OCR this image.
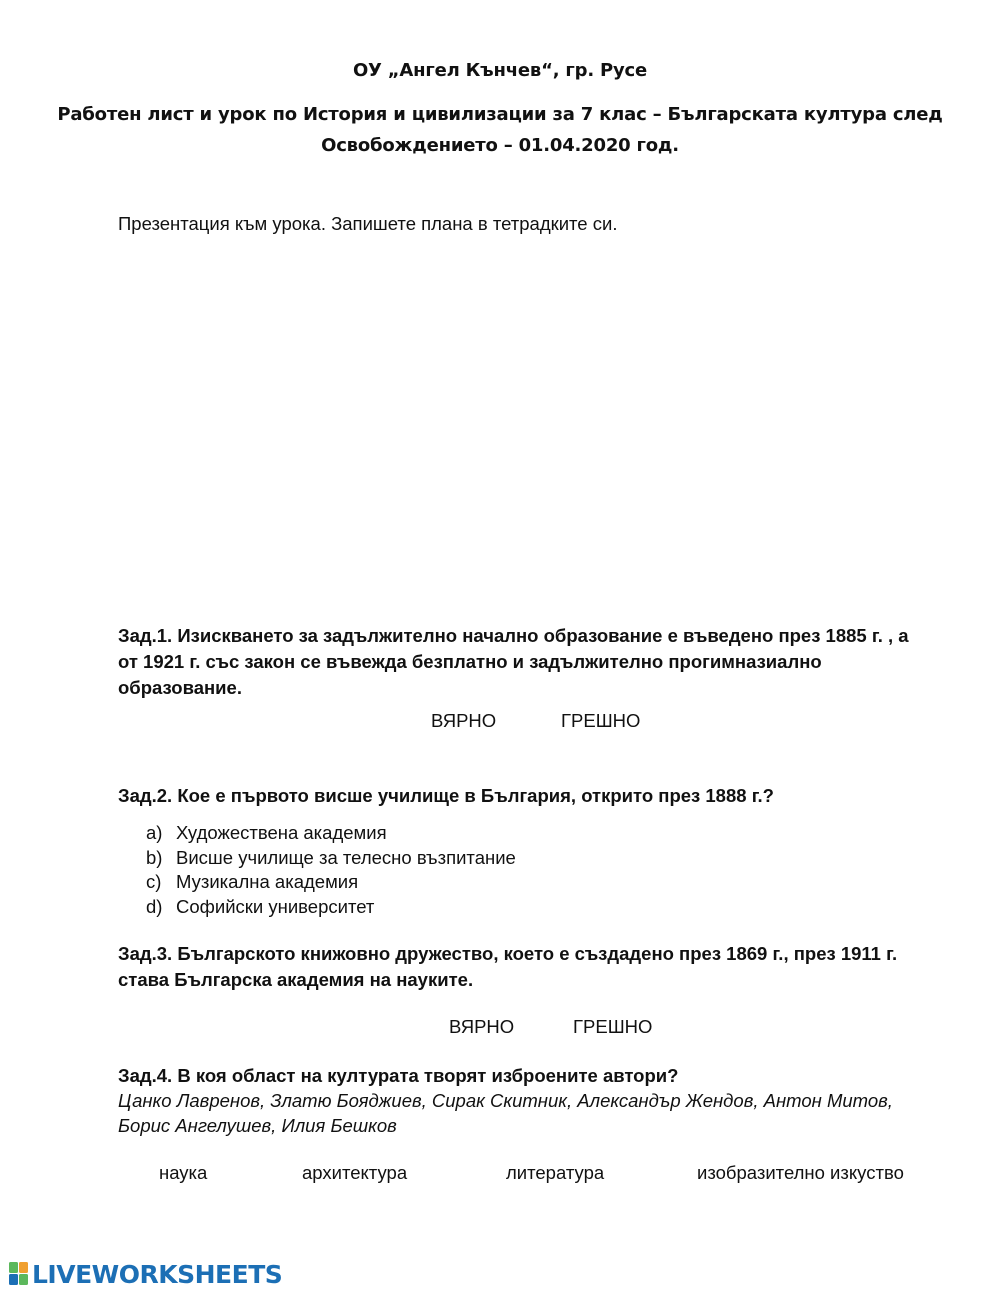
ОУ „Ангел Кънчев“, гр. Русе
Работен лист и урок по История и цивилизации за 7 клас – Българската култура след
Освобождението – 01.04.2020 год.
Презентация към урока. Запишете плана в тетрадките си.
Зад.1. Изискването за задължително начално образование е въведено през 1885 г. , а
от 1921 г. със закон се въвежда безплатно и задължително прогимназиално
образование.
ВЯРНО	ГРЕШНО
Зад.2. Кое е първото висше училище в България, открито през 1888 г.?
a) Художествена академия
b) Висше училище за телесно възпитание
c) Музикална академия
d) Софийски университет
Зад.3. Българското книжовно дружество, което е създадено през 1869 г., през 1911 г.
става Българска академия на науките.
ВЯРНО	ГРЕШНО
Зад.4. В коя област на културата творят изброените автори?
Цанко Лавренов, Златю Бояджиев, Сирак Скитник, Александър Жендов, Антон Митов,
Борис Ангелушев, Илия Бешков
наука	архитектура	литература	изобразително изкуство
LIVEWORKSHEETS
